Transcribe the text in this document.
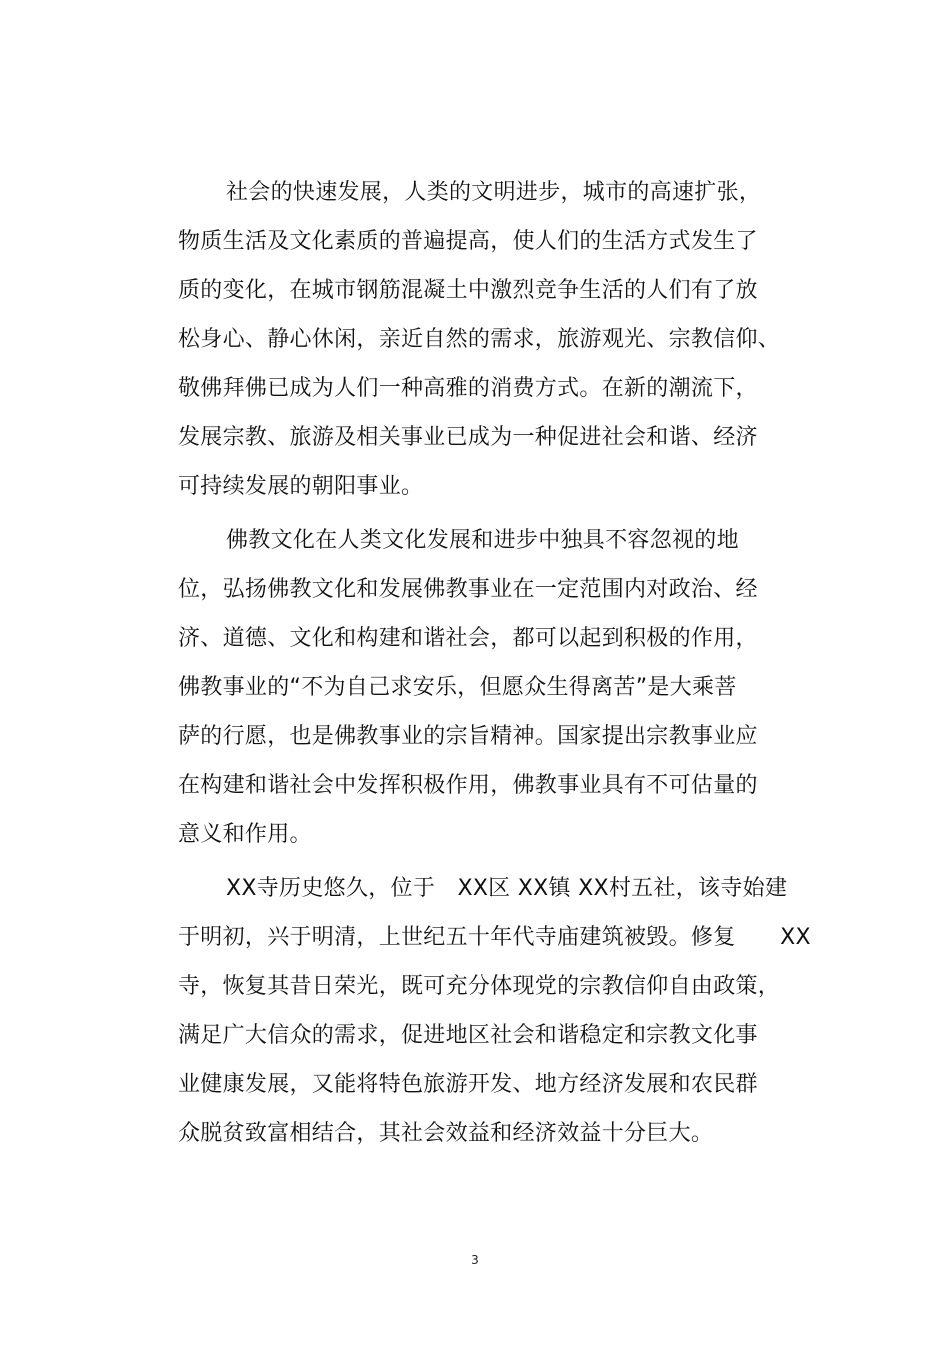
社会的快速发展，人类的文明进步，城市的高速扩张，
物质生活及文化素质的普遍提高，使人们的生活方式发生了
质的变化，在城市钢筋混凝土中激烈竞争生活的人们有了放
松身心、静心休闲，亲近自然的需求，旅游观光、宗教信仰、
敬佛拜佛已成为人们一种高雅的消费方式。在新的潮流下，
发展宗教、旅游及相关事业已成为一种促进社会和谐、经济
可持续发展的朝阳事业。
佛教文化在人类文化发展和进步中独具不容忽视的地
位，弘扬佛教文化和发展佛教事业在一定范围内对政治、经
济、道德、文化和构建和谐社会，都可以起到积极的作用，
佛教事业的“不为自己求安乐，但愿众生得离苦”是大乘菩
萨的行愿，也是佛教事业的宗旨精神。国家提出宗教事业应
在构建和谐社会中发挥积极作用，佛教事业具有不可估量的
意义和作用。
XX寺历史悠久，位于　XX区 XX镇 XX村五社，该寺始建
于明初，兴于明清，上世纪五十年代寺庙建筑被毁。修复　　XX
寺，恢复其昔日荣光，既可充分体现党的宗教信仰自由政策，
满足广大信众的需求，促进地区社会和谐稳定和宗教文化事
业健康发展，又能将特色旅游开发、地方经济发展和农民群
众脱贫致富相结合，其社会效益和经济效益十分巨大。
3
